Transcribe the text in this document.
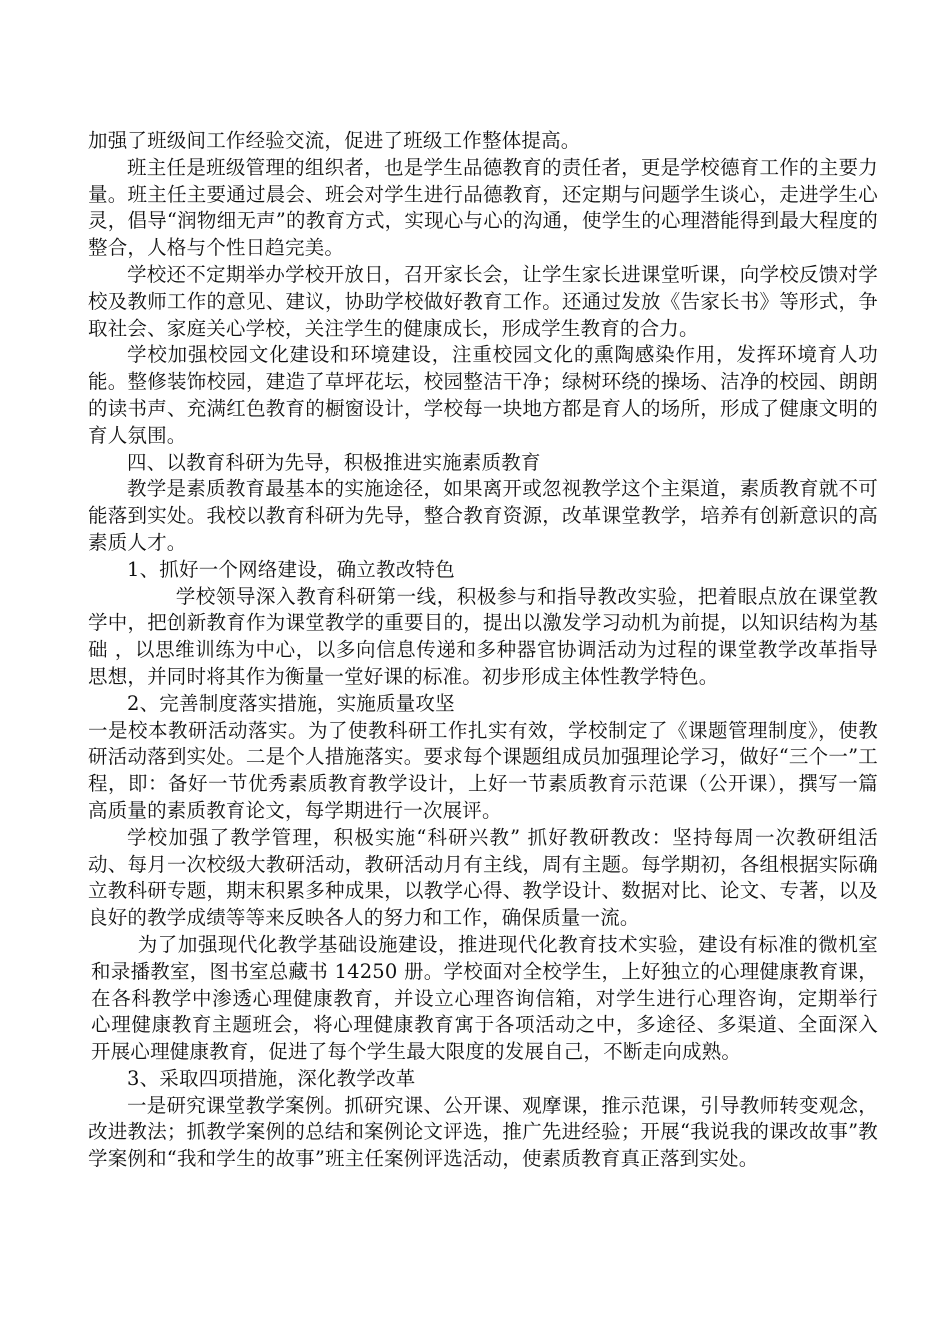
加强了班级间工作经验交流，促进了班级工作整体提高。

班主任是班级管理的组织者，也是学生品德教育的责任者，更是学校德育工作的主要力量。班主任主要通过晨会、班会对学生进行品德教育，还定期与问题学生谈心，走进学生心灵，倡导“润物细无声”的教育方式，实现心与心的沟通，使学生的心理潜能得到最大程度的整合，人格与个性日趋完美。

学校还不定期举办学校开放日，召开家长会，让学生家长进课堂听课，向学校反馈对学校及教师工作的意见、建议，协助学校做好教育工作。还通过发放《告家长书》等形式，争取社会、家庭关心学校，关注学生的健康成长，形成学生教育的合力。

学校加强校园文化建设和环境建设，注重校园文化的熏陶感染作用，发挥环境育人功能。整修装饰校园，建造了草坪花坛，校园整洁干净；绿树环绕的操场、洁净的校园、朗朗的读书声、充满红色教育的橱窗设计，学校每一块地方都是育人的场所，形成了健康文明的育人氛围。

四、以教育科研为先导，积极推进实施素质教育

教学是素质教育最基本的实施途径，如果离开或忽视教学这个主渠道，素质教育就不可能落到实处。我校以教育科研为先导，整合教育资源，改革课堂教学，培养有创新意识的高素质人才。

1、抓好一个网络建设，确立教改特色

学校领导深入教育科研第一线，积极参与和指导教改实验，把着眼点放在课堂教学中，把创新教育作为课堂教学的重要目的，提出以激发学习动机为前提，以知识结构为基础 ，以思维训练为中心，以多向信息传递和多种器官协调活动为过程的课堂教学改革指导思想，并同时将其作为衡量一堂好课的标准。初步形成主体性教学特色。

2、完善制度落实措施，实施质量攻坚

一是校本教研活动落实。为了使教科研工作扎实有效，学校制定了《课题管理制度》，使教研活动落到实处。二是个人措施落实。要求每个课题组成员加强理论学习，做好“三个一”工程，即：备好一节优秀素质教育教学设计，上好一节素质教育示范课（公开课），撰写一篇高质量的素质教育论文，每学期进行一次展评。

学校加强了教学管理，积极实施“科研兴教” 抓好教研教改：坚持每周一次教研组活动、每月一次校级大教研活动，教研活动月有主线，周有主题。每学期初，各组根据实际确立教科研专题，期末积累多种成果，以教学心得、教学设计、数据对比、论文、专著，以及良好的教学成绩等等来反映各人的努力和工作，确保质量一流。

为了加强现代化教学基础设施建设，推进现代化教育技术实验，建设有标准的微机室和录播教室，图书室总藏书 14250 册。学校面对全校学生，上好独立的心理健康教育课，在各科教学中渗透心理健康教育，并设立心理咨询信箱，对学生进行心理咨询，定期举行心理健康教育主题班会，将心理健康教育寓于各项活动之中，多途径、多渠道、全面深入开展心理健康教育，促进了每个学生最大限度的发展自己，不断走向成熟。

3、采取四项措施，深化教学改革

一是研究课堂教学案例。抓研究课、公开课、观摩课，推示范课，引导教师转变观念，改进教法；抓教学案例的总结和案例论文评选，推广先进经验；开展“我说我的课改故事”教学案例和“我和学生的故事”班主任案例评选活动，使素质教育真正落到实处。
